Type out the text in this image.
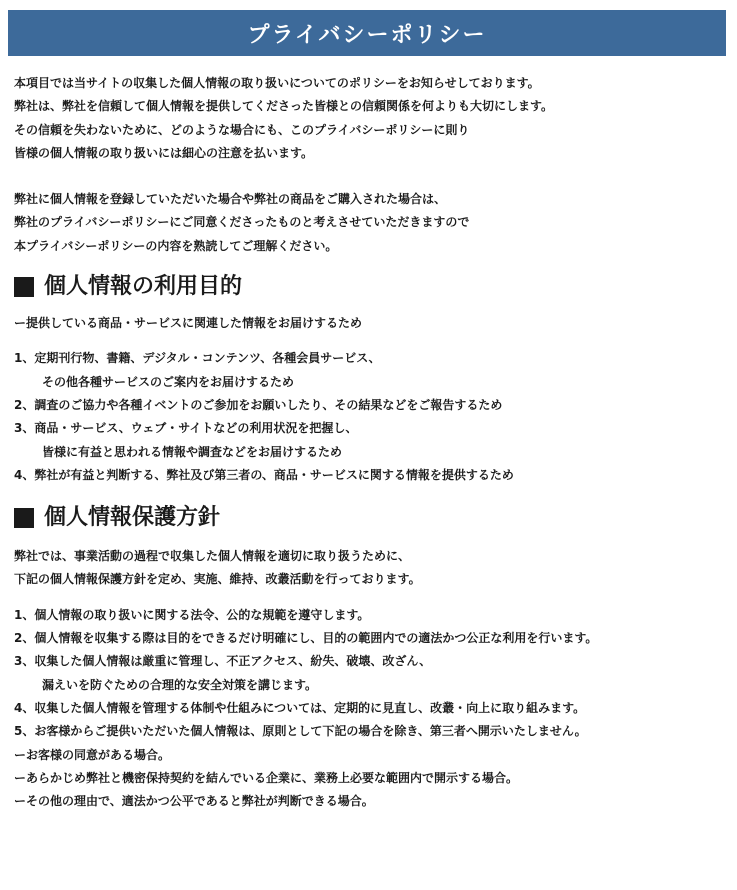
プライバシーポリシー
本項目では当サイトの収集した個人情報の取り扱いについてのポリシーをお知らせしております。
弊社は、弊社を信頼して個人情報を提供してくださった皆様との信頼関係を何よりも大切にします。
その信頼を失わないために、どのような場合にも、このプライバシーポリシーに則り
皆様の個人情報の取り扱いには細心の注意を払います。
弊社に個人情報を登録していただいた場合や弊社の商品をご購入された場合は、
弊社のプライバシーポリシーにご同意くださったものと考えさせていただきますので
本プライバシーポリシーの内容を熟読してご理解ください。
個人情報の利用目的
ー提供している商品・サービスに関連した情報をお届けするため
1、定期刊行物、書籍、デジタル・コンテンツ、各種会員サービス、
その他各種サービスのご案内をお届けするため
2、調査のご協力や各種イベントのご参加をお願いしたり、その結果などをご報告するため
3、商品・サービス、ウェブ・サイトなどの利用状況を把握し、
皆様に有益と思われる情報や調査などをお届けするため
4、弊社が有益と判断する、弊社及び第三者の、商品・サービスに関する情報を提供するため
個人情報保護方針
弊社では、事業活動の過程で収集した個人情報を適切に取り扱うために、
下記の個人情報保護方針を定め、実施、維持、改叢活動を行っております。
1、個人情報の取り扱いに関する法令、公的な規範を遵守します。
2、個人情報を収集する際は目的をできるだけ明確にし、目的の範囲内での適法かつ公正な利用を行います。
3、収集した個人情報は厳重に管理し、不正アクセス、紛失、破壊、改ざん、
漏えいを防ぐための合理的な安全対策を講じます。
4、収集した個人情報を管理する体制や仕組みについては、定期的に見直し、改叢・向上に取り組みます。
5、お客様からご提供いただいた個人情報は、原則として下記の場合を除き、第三者へ開示いたしません。
ーお客様の同意がある場合。
ーあらかじめ弊社と機密保持契約を結んでいる企業に、業務上必要な範囲内で開示する場合。
ーその他の理由で、適法かつ公平であると弊社が判断できる場合。
